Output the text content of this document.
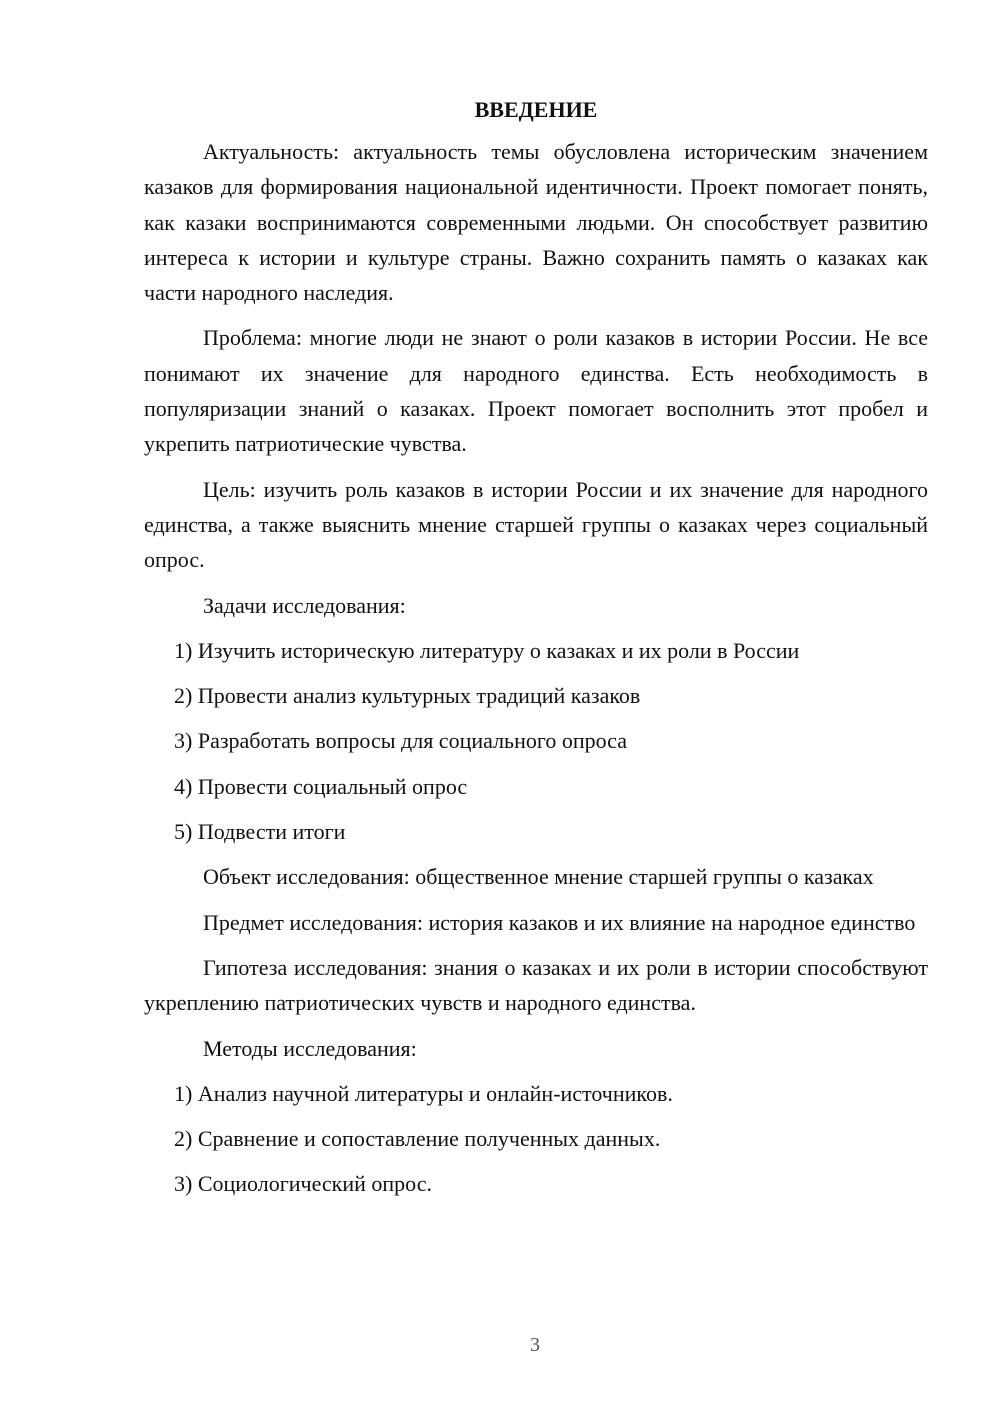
ВВЕДЕНИЕ

Актуальность: актуальность темы обусловлена историческим значением казаков для формирования национальной идентичности. Проект помогает понять, как казаки воспринимаются современными людьми. Он способствует развитию интереса к истории и культуре страны. Важно сохранить память о казаках как части народного наследия.

Проблема: многие люди не знают о роли казаков в истории России. Не все понимают их значение для народного единства. Есть необходимость в популяризации знаний о казаках. Проект помогает восполнить этот пробел и укрепить патриотические чувства.

Цель: изучить роль казаков в истории России и их значение для народного единства, а также выяснить мнение старшей группы о казаках через социальный опрос.

Задачи исследования:

1) Изучить историческую литературу о казаках и их роли в России
2) Провести анализ культурных традиций казаков
3) Разработать вопросы для социального опроса
4) Провести социальный опрос
5) Подвести итоги

Объект исследования: общественное мнение старшей группы о казаках

Предмет исследования: история казаков и их влияние на народное единство

Гипотеза исследования: знания о казаках и их роли в истории способствуют укреплению патриотических чувств и народного единства.

Методы исследования:

1) Анализ научной литературы и онлайн-источников.
2) Сравнение и сопоставление полученных данных.
3) Социологический опрос.
3
